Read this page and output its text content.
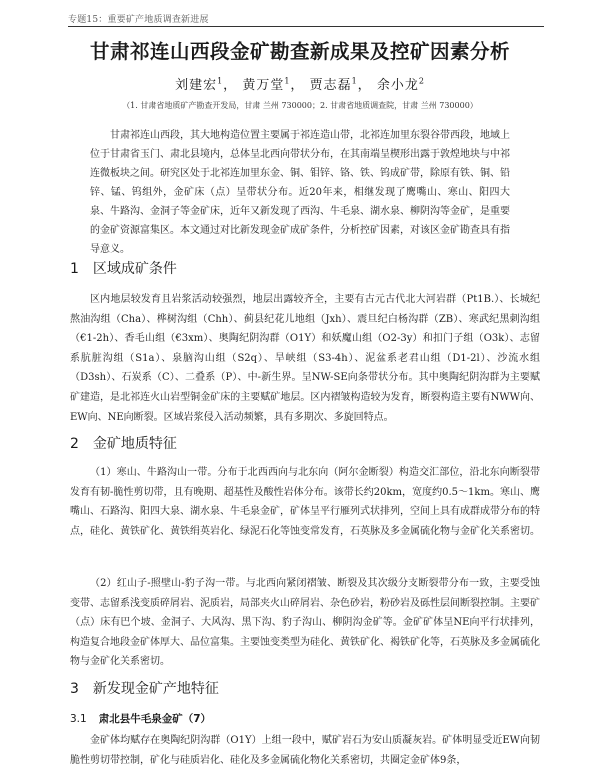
专题15：重要矿产地质调查新进展
甘肃祁连山西段金矿勘查新成果及控矿因素分析
刘建宏$^1$， 黄万堂$^1$， 贾志磊$^1$， 余小龙$^2$
（1. 甘肃省地质矿产勘查开发局，甘肃 兰州 730000；2. 甘肃省地质调查院，甘肃 兰州 730000）
甘肃祁连山西段，其大地构造位置主要属于祁连造山带，北祁连加里东裂谷带西段，地域上位于甘肃省玉门、肃北县境内，总体呈北西向带状分布，在其南端呈楔形出露于敦煌地块与中祁连微板块之间。研究区处于北祁连加里东金、铜、钼锌、铬、铁、钨成矿带，除原有铁、铜、铅锌、锰、钨组外，金矿床（点）呈带状分布。近20年来，相继发现了鹰嘴山、寒山、阳四大泉、牛路沟、金洞子等金矿床，近年又新发现了西沟、牛毛泉、湖水泉、柳阴沟等金矿，是重要的金矿资源富集区。本文通过对比新发现金矿成矿条件，分析控矿因素，对该区金矿勘查具有指导意义。
1 区域成矿条件
区内地层较发育且岩浆活动较强烈，地层出露较齐全，主要有古元古代北大河岩群（Pt1B.）、长城纪熬油沟组（Cha）、桦树沟组（Chh）、蓟县纪花儿地组（Jxh）、震旦纪白杨沟群（ZB）、寒武纪黑刺沟组（€1-2h）、香毛山组（€3xm）、奥陶纪阴沟群（O1Y）和妖魔山组（O2-3y）和扣门子组（O3k）、志留系肮脏沟组（S1a）、泉脑沟山组（S2q）、旱峡组（S3-4h）、泥盆系老君山组（D1-2l）、沙流水组（D3sh）、石炭系（C）、二叠系（P）、中-新生界。呈NW-SE向条带状分布。其中奥陶纪阴沟群为主要赋矿建造，是北祁连火山岩型铜金矿床的主要赋矿地层。区内褶皱构造较为发育，断裂构造主要有NWW向、EW向、NE向断裂。区域岩浆侵入活动频繁，具有多期次、多旋回特点。
2 金矿地质特征
（1）寒山、牛路沟山一带。分布于北西西向与北东向（阿尔金断裂）构造交汇部位，沿北东向断裂带发育有韧-脆性剪切带，且有晚期、超基性及酸性岩体分布。该带长约20km，宽度约0.5～1km。寒山、鹰嘴山、石路沟、阳四大泉、湖水泉、牛毛泉金矿，矿体呈平行雁列式状排列，空间上具有成群成带分布的特点，硅化、黄铁矿化、黄铁绢英岩化、绿泥石化等蚀变常发育，石英脉及多金属硫化物与金矿化关系密切。
（2）红山子-照壁山-豹子沟一带。与北西向紧闭褶皱、断裂及其次级分支断裂带分布一致，主要受蚀变带、志留系浅变质碎屑岩、泥质岩，局部夹火山碎屑岩、杂色砂岩，粉砂岩及砾性层间断裂控制。主要矿（点）床有巴个坡、金洞子、大风沟、黑下沟、豹子沟山、柳阴沟金矿等。金矿矿体呈NE向平行状排列，构造复合地段金矿体厚大、品位富集。主要蚀变类型为硅化、黄铁矿化、褐铁矿化等，石英脉及多金属硫化物与金矿化关系密切。
3 新发现金矿产地特征
3.1 肃北县牛毛泉金矿（7）
金矿体均赋存在奥陶纪阴沟群（O1Y）上组一段中，赋矿岩石为安山质凝灰岩。矿体明显受近EW向韧脆性剪切带控制，矿化与硅质岩化、硅化及多金属硫化物化关系密切，共圈定金矿体9条，
